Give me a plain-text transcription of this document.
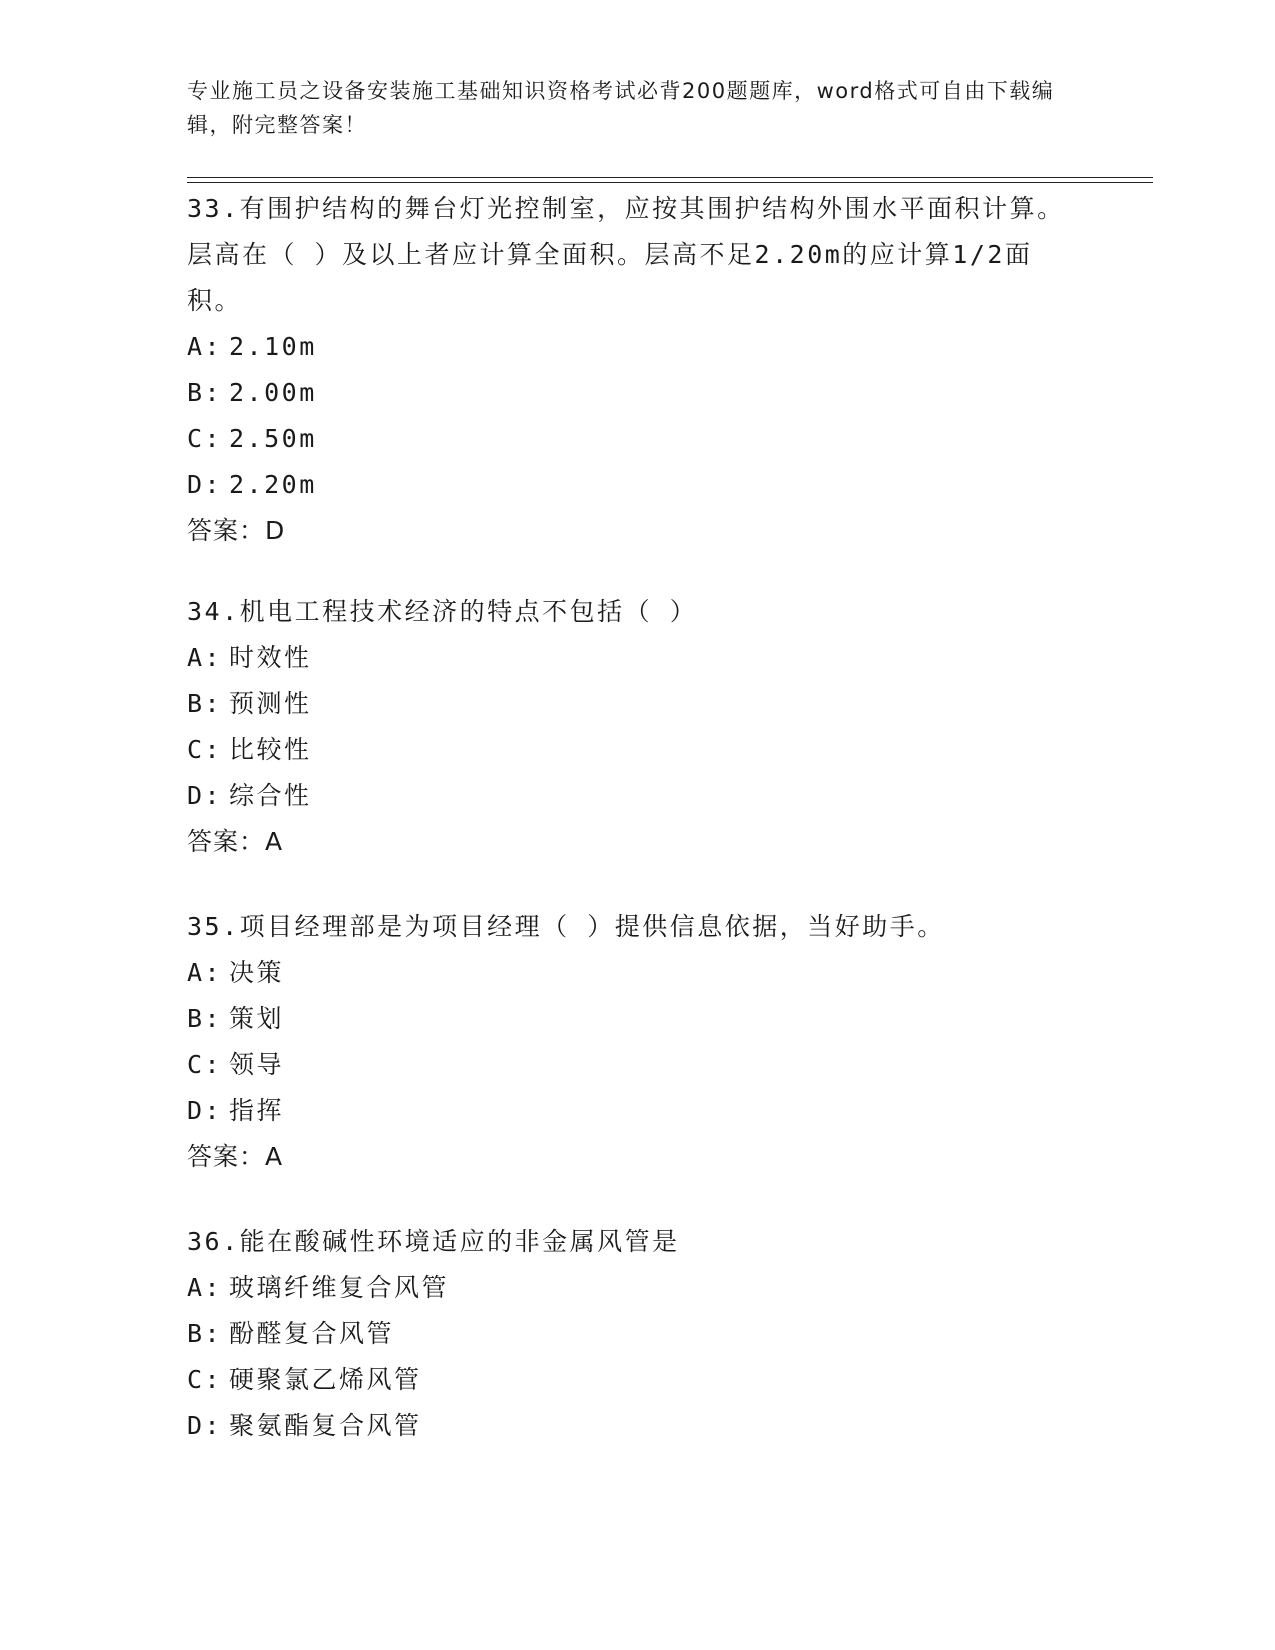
专业施工员之设备安装施工基础知识资格考试必背200题题库，word格式可自由下载编辑，附完整答案！
33.有围护结构的舞台灯光控制室，应按其围护结构外围水平面积计算。层高在（ ）及以上者应计算全面积。层高不足2.20m的应计算1/2面积。
A: 2.10m
B: 2.00m
C: 2.50m
D: 2.20m
答案：D
34.机电工程技术经济的特点不包括（ ）
A: 时效性
B: 预测性
C: 比较性
D: 综合性
答案：A
35.项目经理部是为项目经理（ ）提供信息依据，当好助手。
A: 决策
B: 策划
C: 领导
D: 指挥
答案：A
36.能在酸碱性环境适应的非金属风管是
A: 玻璃纤维复合风管
B: 酚醛复合风管
C: 硬聚氯乙烯风管
D: 聚氨酯复合风管
